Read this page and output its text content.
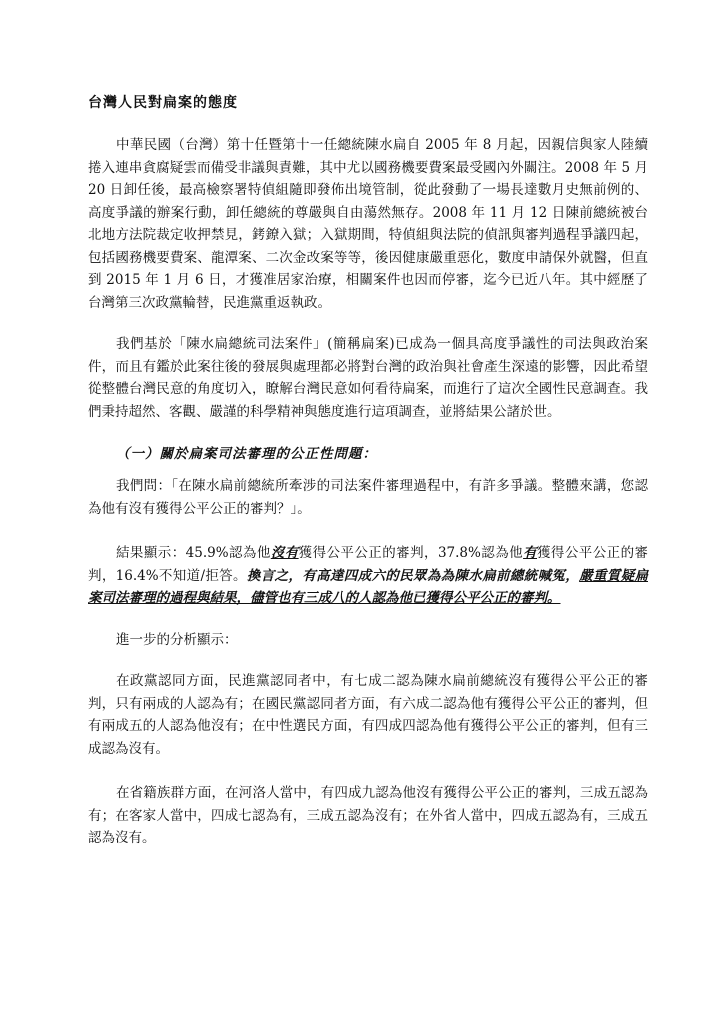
台灣人民對扁案的態度

中華民國（台灣）第十任暨第十一任總統陳水扁自 2005 年 8 月起，因親信與家人陸續捲入連串貪腐疑雲而備受非議與責難，其中尤以國務機要費案最受國內外關注。2008 年 5 月 20 日卸任後，最高檢察署特偵組隨即發佈出境管制，從此發動了一場長達數月史無前例的、高度爭議的辦案行動，卸任總統的尊嚴與自由蕩然無存。2008 年 11 月 12 日陳前總統被台北地方法院裁定收押禁見，銬鐐入獄；入獄期間，特偵組與法院的偵訊與審判過程爭議四起，包括國務機要費案、龍潭案、二次金改案等等，後因健康嚴重惡化，數度申請保外就醫，但直到 2015 年 1 月 6 日，才獲准居家治療，相關案件也因而停審，迄今已近八年。其中經歷了台灣第三次政黨輪替，民進黨重返執政。

我們基於「陳水扁總統司法案件」(簡稱扁案)已成為一個具高度爭議性的司法與政治案件，而且有鑑於此案往後的發展與處理都必將對台灣的政治與社會產生深遠的影響，因此希望從整體台灣民意的角度切入，瞭解台灣民意如何看待扁案，而進行了這次全國性民意調查。我們秉持超然、客觀、嚴謹的科學精神與態度進行這項調查，並將結果公諸於世。

（一）關於扁案司法審理的公正性問題：

我們問：「在陳水扁前總統所牽涉的司法案件審理過程中，有許多爭議。整體來講，您認為他有沒有獲得公平公正的審判？」。

結果顯示：45.9%認為他沒有獲得公平公正的審判，37.8%認為他有獲得公平公正的審判，16.4%不知道/拒答。換言之，有高達四成六的民眾為為陳水扁前總統喊冤，嚴重質疑扁案司法審理的過程與結果，儘管也有三成八的人認為他已獲得公平公正的審判。

進一步的分析顯示：

在政黨認同方面，民進黨認同者中，有七成二認為陳水扁前總統沒有獲得公平公正的審判，只有兩成的人認為有；在國民黨認同者方面，有六成二認為他有獲得公平公正的審判，但有兩成五的人認為他沒有；在中性選民方面，有四成四認為他有獲得公平公正的審判，但有三成認為沒有。

在省籍族群方面，在河洛人當中，有四成九認為他沒有獲得公平公正的審判，三成五認為有；在客家人當中，四成七認為有，三成五認為沒有；在外省人當中，四成五認為有，三成五認為沒有。
